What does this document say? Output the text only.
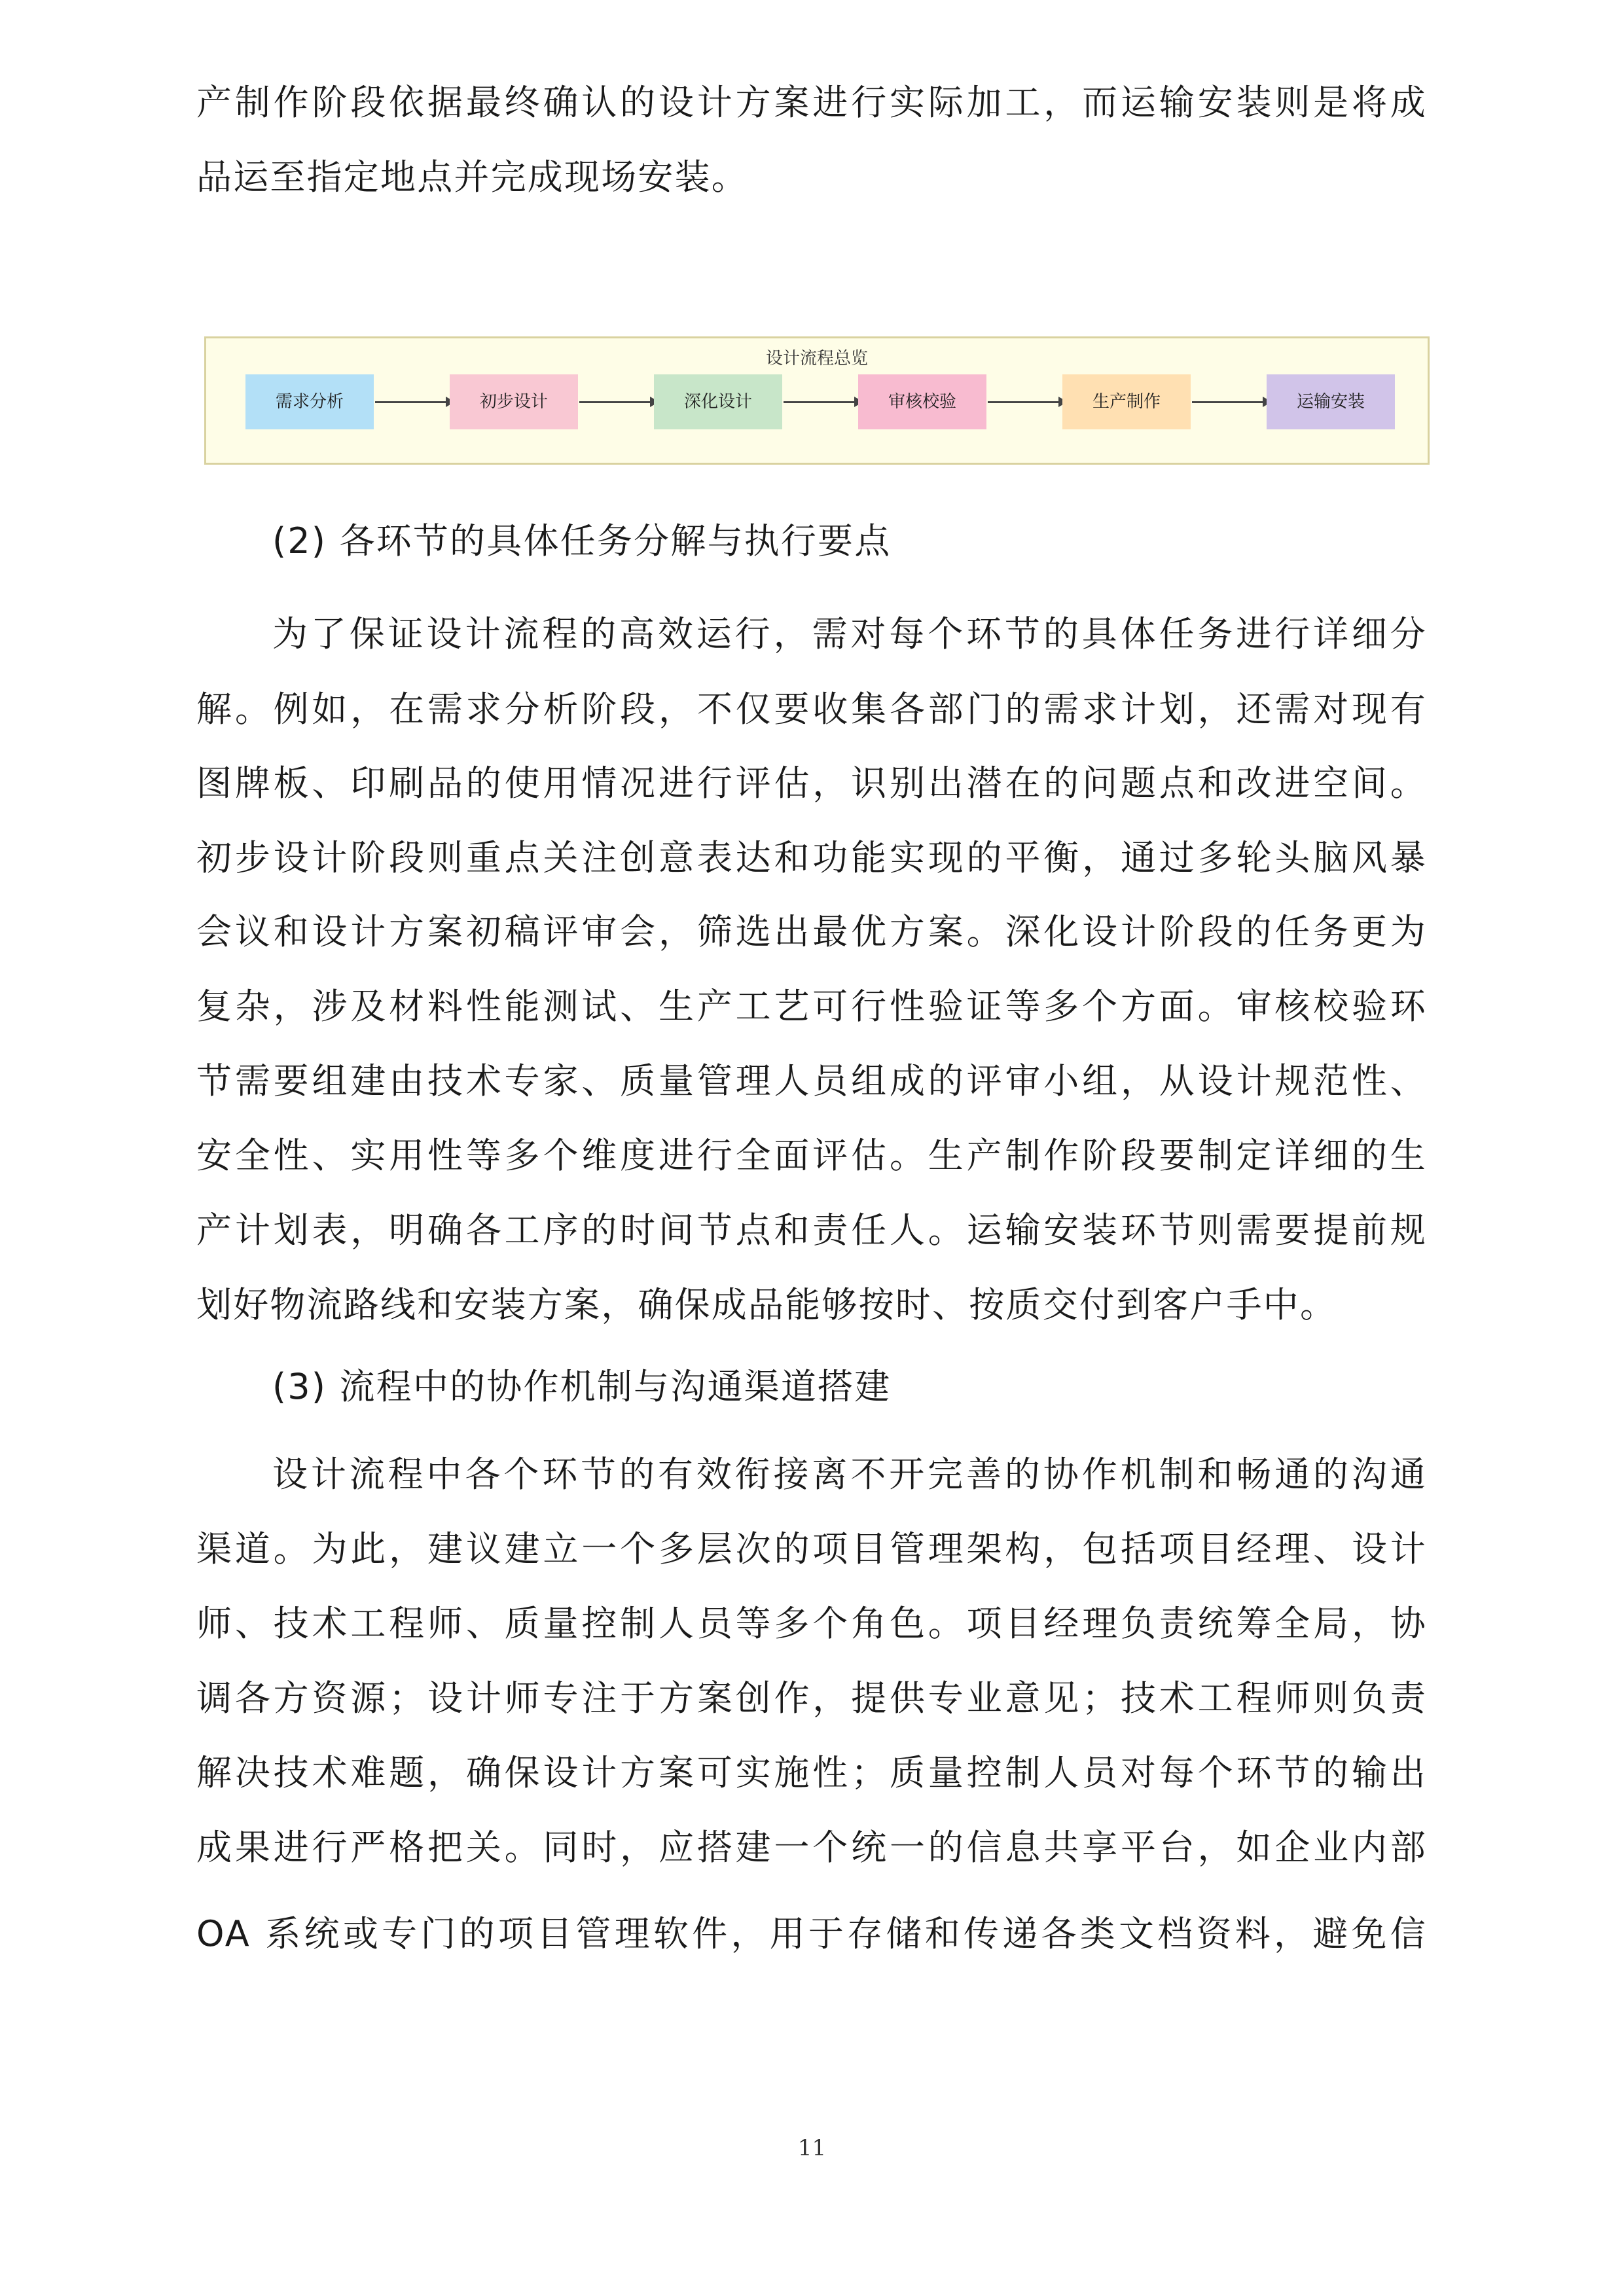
产制作阶段依据最终确认的设计方案进行实际加工，而运输安装则是将成
品运至指定地点并完成现场安装。
设计流程总览
需求分析	初步设计	深化设计	审核校验	生产制作	运输安装
(2) 各环节的具体任务分解与执行要点
为了保证设计流程的高效运行，需对每个环节的具体任务进行详细分
解。例如，在需求分析阶段，不仅要收集各部门的需求计划，还需对现有
图牌板、印刷品的使用情况进行评估，识别出潜在的问题点和改进空间。
初步设计阶段则重点关注创意表达和功能实现的平衡，通过多轮头脑风暴
会议和设计方案初稿评审会，筛选出最优方案。深化设计阶段的任务更为
复杂，涉及材料性能测试、生产工艺可行性验证等多个方面。审核校验环
节需要组建由技术专家、质量管理人员组成的评审小组，从设计规范性、
安全性、实用性等多个维度进行全面评估。生产制作阶段要制定详细的生
产计划表，明确各工序的时间节点和责任人。运输安装环节则需要提前规
划好物流路线和安装方案，确保成品能够按时、按质交付到客户手中。
(3) 流程中的协作机制与沟通渠道搭建
设计流程中各个环节的有效衔接离不开完善的协作机制和畅通的沟通
渠道。为此，建议建立一个多层次的项目管理架构，包括项目经理、设计
师、技术工程师、质量控制人员等多个角色。项目经理负责统筹全局，协
调各方资源；设计师专注于方案创作，提供专业意见；技术工程师则负责
解决技术难题，确保设计方案可实施性；质量控制人员对每个环节的输出
成果进行严格把关。同时，应搭建一个统一的信息共享平台，如企业内部
OA 系统或专门的项目管理软件，用于存储和传递各类文档资料，避免信
11
